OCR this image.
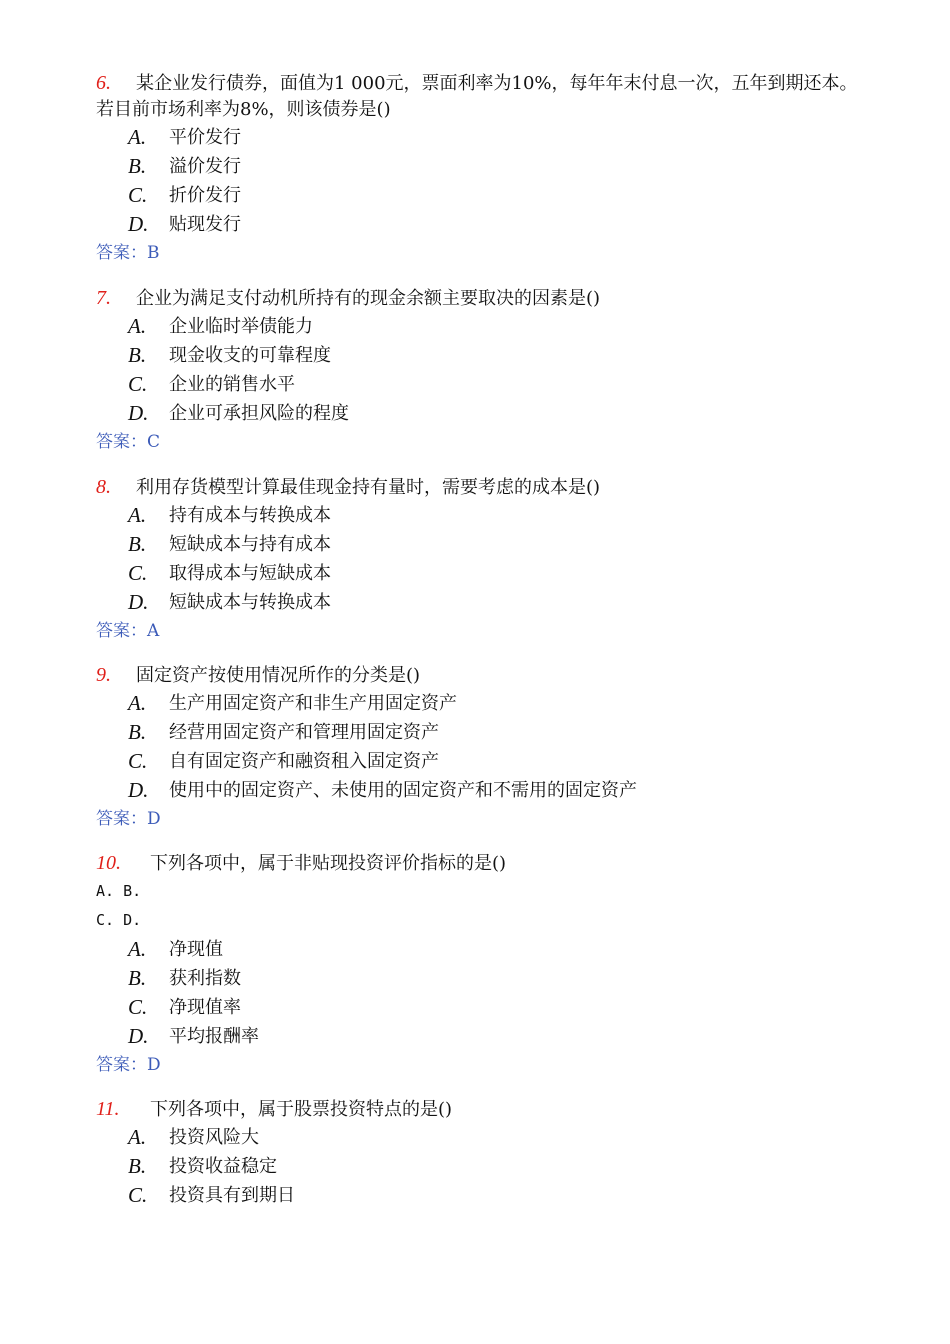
6. 某企业发行债券，面值为1 000元，票面利率为10%，每年年末付息一次，五年到期还本。
若目前市场利率为8%，则该债券是()
A. 平价发行
B. 溢价发行
C. 折价发行
D. 贴现发行
答案：B
7. 企业为满足支付动机所持有的现金余额主要取决的因素是()
A. 企业临时举债能力
B. 现金收支的可靠程度
C. 企业的销售水平
D. 企业可承担风险的程度
答案：C
8. 利用存货模型计算最佳现金持有量时，需要考虑的成本是()
A. 持有成本与转换成本
B. 短缺成本与持有成本
C. 取得成本与短缺成本
D. 短缺成本与转换成本
答案：A
9. 固定资产按使用情况所作的分类是()
A. 生产用固定资产和非生产用固定资产
B. 经营用固定资产和管理用固定资产
C. 自有固定资产和融资租入固定资产
D. 使用中的固定资产、未使用的固定资产和不需用的固定资产
答案：D
10. 下列各项中，属于非贴现投资评价指标的是()
A. B.
C. D.
A. 净现值
B. 获利指数
C. 净现值率
D. 平均报酬率
答案：D
11. 下列各项中，属于股票投资特点的是()
A. 投资风险大
B. 投资收益稳定
C. 投资具有到期日
